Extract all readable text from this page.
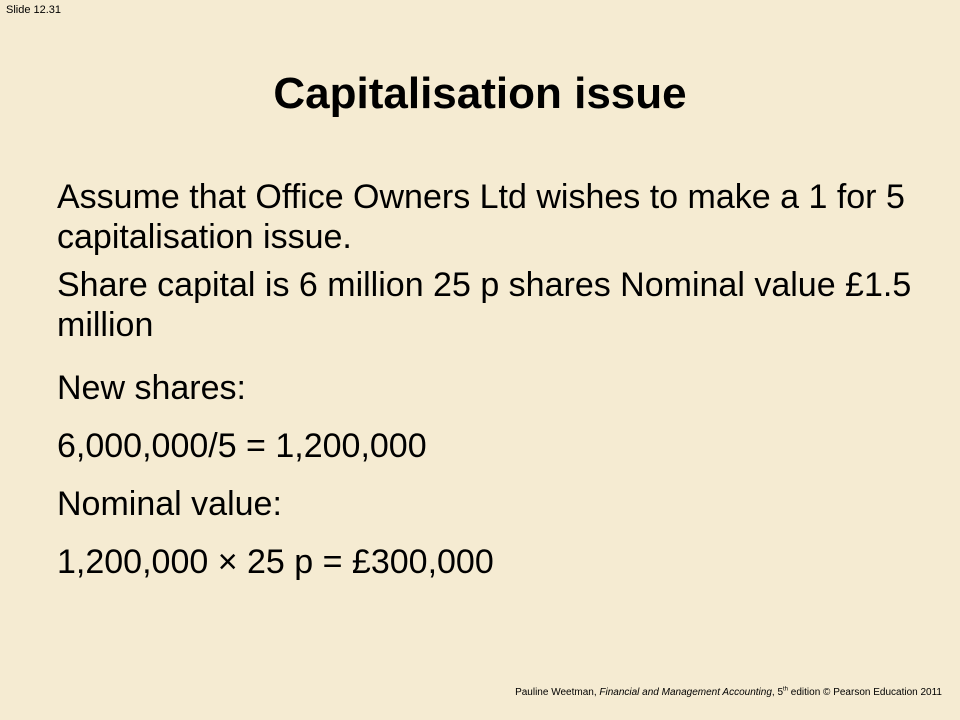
Slide 12.31
Capitalisation issue
Assume that Office Owners Ltd wishes to make a 1 for 5 capitalisation issue.
Share capital is 6 million 25 p shares Nominal value £1.5 million
New shares:
6,000,000/5 = 1,200,000
Nominal value:
1,200,000 × 25 p = £300,000
Pauline Weetman, Financial and Management Accounting, 5th edition © Pearson Education 2011
